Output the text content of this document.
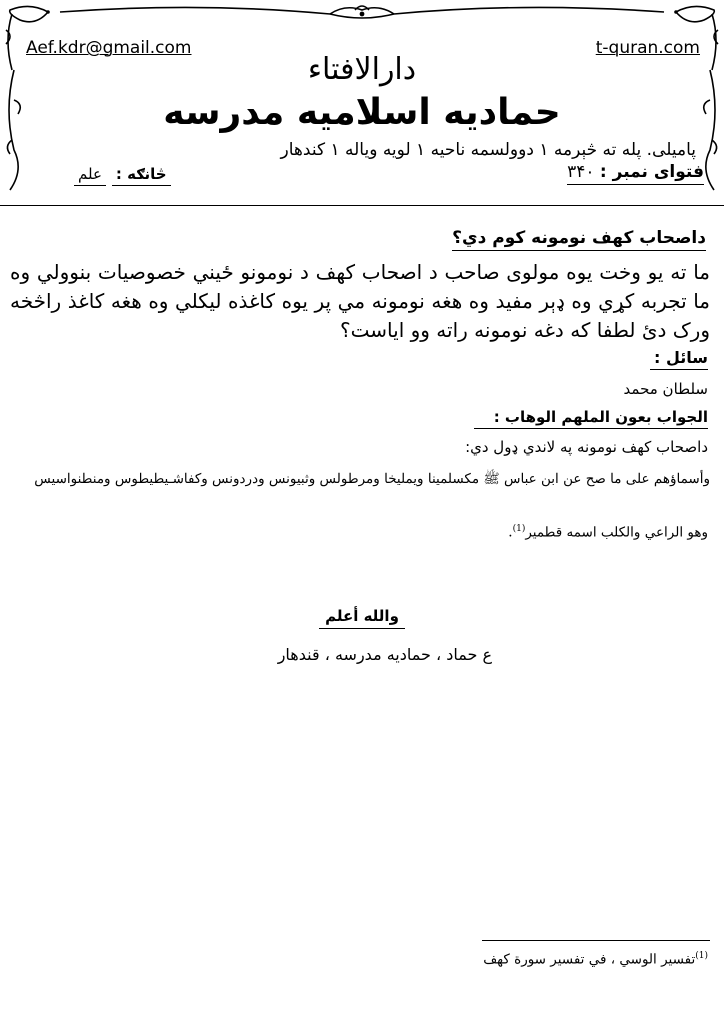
Aef.kdr@gmail.com	t-quran.com
دارالافتاء
حمادیه اسلامیه مدرسه
پامیلی. پله ته څېرمه ۱ دوولسمه ناحیه ۱ لویه ویاله ۱ کندهار
فتوای نمبر : ۳۴۰
څانګه :علم
داصحاب کهف نومونه کوم دي؟
ما ته یو وخت یوه مولوی صاحب د اصحاب کهف د نومونو ځیني خصوصیات بنوولي وه ما تجربه کړي وه ډېر مفید وه هغه نومونه مي پر یوه کاغذه لیکلي وه هغه کاغذ راڅخه ورک دئ لطفا که دغه نومونه راته وو ایاست؟
سائل :
سلطان محمد
الجواب بعون الملهم الوهاب :
داصحاب کهف نومونه په لاندي ډول دي:
وأسماؤهم على ما صح عن ابن عباس ﷺ مكسلمينا ويمليخا ومرطولس وثبيونس ودردونس وكفاشـيطيطوس ومنطنواسيس
وهو الراعي والكلب اسمه قطمير$^{(1)}$.
والله أعلم
ع حماد ، حمادیه مدرسه ، قندهار
$^{(1)}$تفسير الوسي ، في تفسير سورة كهف
